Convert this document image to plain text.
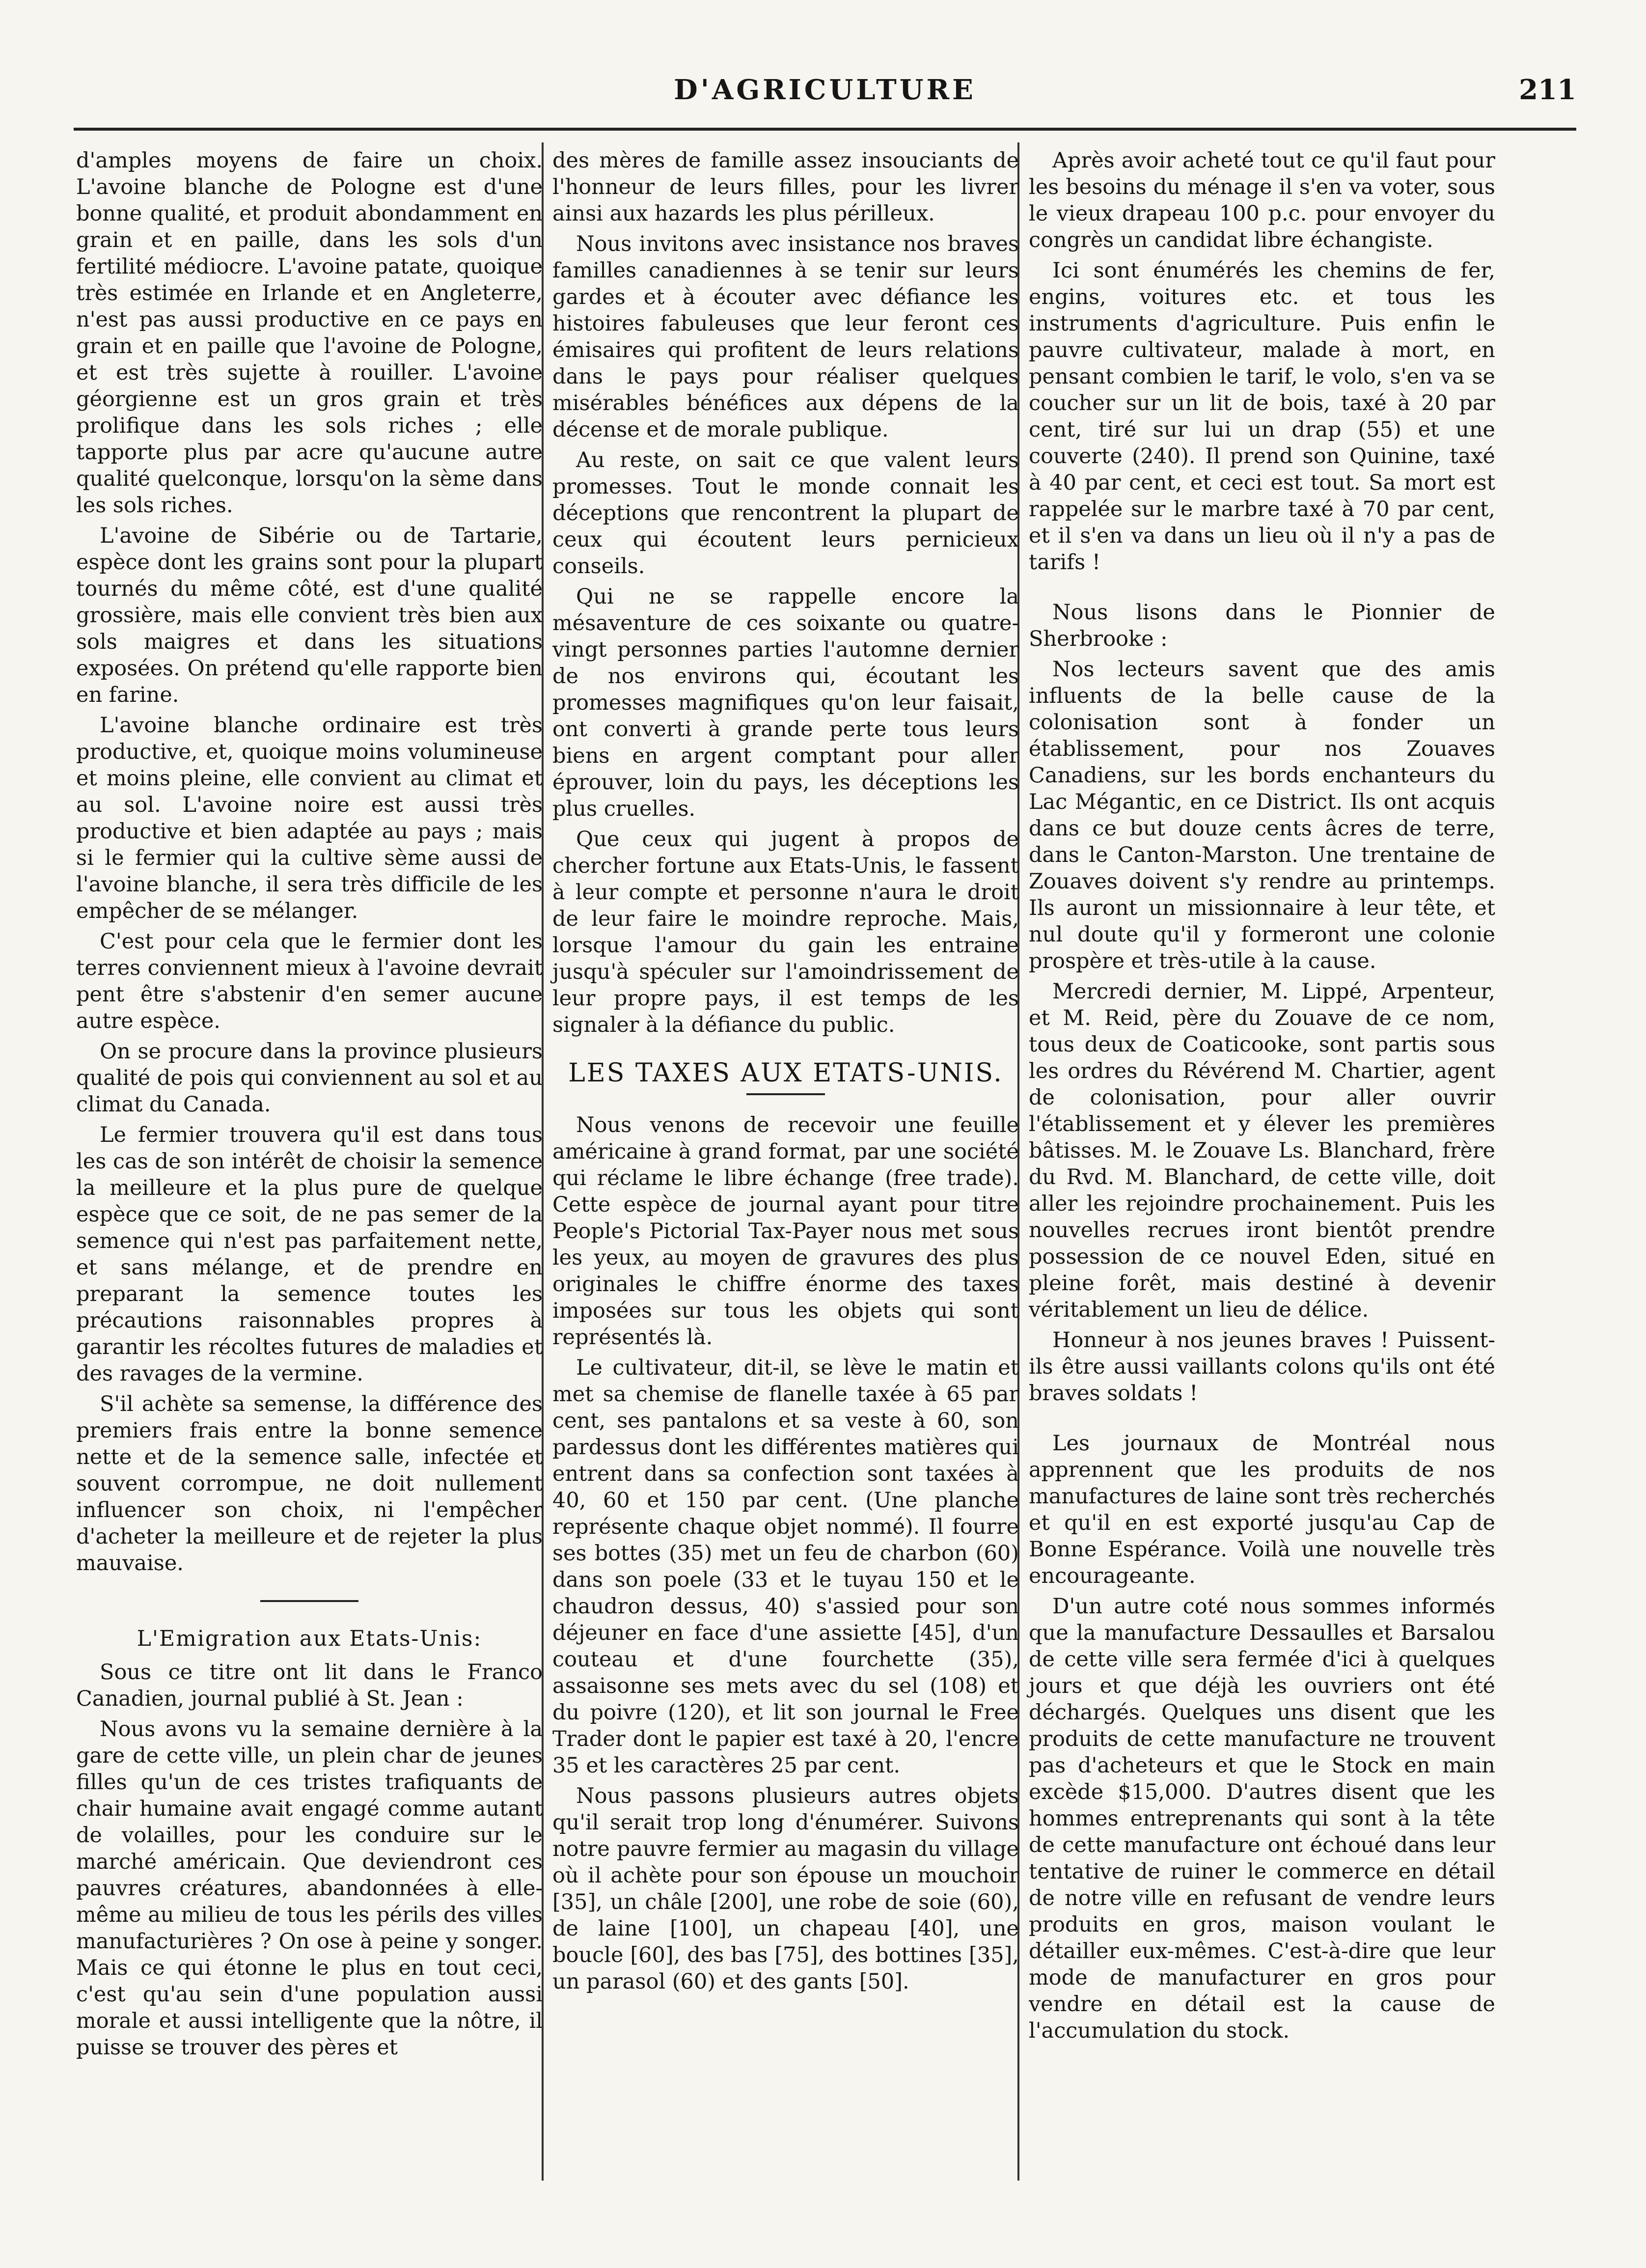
D'AGRICULTURE	211

d'amples moyens de faire un choix. L'avoine blanche de Pologne est d'une bonne qualité, et produit abondamment en grain et en paille, dans les sols d'un fertilité médiocre. L'avoine patate, quoique très estimée en Irlande et en Angleterre, n'est pas aussi productive en ce pays en grain et en paille que l'avoine de Pologne, et est très sujette à rouiller. L'avoine géorgienne est un gros grain et très prolifique dans les sols riches ; elle tapporte plus par acre qu'aucune autre qualité quelconque, lorsqu'on la sème dans les sols riches.

L'avoine de Sibérie ou de Tartarie, espèce dont les grains sont pour la plupart tournés du même côté, est d'une qualité grossière, mais elle convient très bien aux sols maigres et dans les situations exposées. On prétend qu'elle rapporte bien en farine.

L'avoine blanche ordinaire est très productive, et, quoique moins volumineuse et moins pleine, elle convient au climat et au sol. L'avoine noire est aussi très productive et bien adaptée au pays ; mais si le fermier qui la cultive sème aussi de l'avoine blanche, il sera très difficile de les empêcher de se mélanger.

C'est pour cela que le fermier dont les terres conviennent mieux à l'avoine devrait pent être s'abstenir d'en semer aucune autre espèce.

On se procure dans la province plusieurs qualité de pois qui conviennent au sol et au climat du Canada.

Le fermier trouvera qu'il est dans tous les cas de son intérêt de choisir la semence la meilleure et la plus pure de quelque espèce que ce soit, de ne pas semer de la semence qui n'est pas parfaitement nette, et sans mélange, et de prendre en preparant la semence toutes les précautions raisonnables propres à garantir les récoltes futures de maladies et des ravages de la vermine.

S'il achète sa semense, la différence des premiers frais entre la bonne semence nette et de la semence salle, infectée et souvent corrompue, ne doit nullement influencer son choix, ni l'empêcher d'acheter la meilleure et de rejeter la plus mauvaise.

L'Emigration aux Etats-Unis:

Sous ce titre ont lit dans le Franco Canadien, journal publié à St. Jean :

Nous avons vu la semaine dernière à la gare de cette ville, un plein char de jeunes filles qu'un de ces tristes trafiquants de chair humaine avait engagé comme autant de volailles, pour les conduire sur le marché américain. Que deviendront ces pauvres créatures, abandonnées à elle-même au milieu de tous les périls des villes manufacturières ? On ose à peine y songer. Mais ce qui étonne le plus en tout ceci, c'est qu'au sein d'une population aussi morale et aussi intelligente que la nôtre, il puisse se trouver des pères et

des mères de famille assez insouciants de l'honneur de leurs filles, pour les livrer ainsi aux hazards les plus périlleux.

Nous invitons avec insistance nos braves familles canadiennes à se tenir sur leurs gardes et à écouter avec défiance les histoires fabuleuses que leur feront ces émisaires qui profitent de leurs relations dans le pays pour réaliser quelques misérables bénéfices aux dépens de la décense et de morale publique.

Au reste, on sait ce que valent leurs promesses. Tout le monde connait les déceptions que rencontrent la plupart de ceux qui écoutent leurs pernicieux conseils.

Qui ne se rappelle encore la mésaventure de ces soixante ou quatre-vingt personnes parties l'automne dernier de nos environs qui, écoutant les promesses magnifiques qu'on leur faisait, ont converti à grande perte tous leurs biens en argent comptant pour aller éprouver, loin du pays, les déceptions les plus cruelles.

Que ceux qui jugent à propos de chercher fortune aux Etats-Unis, le fassent à leur compte et personne n'aura le droit de leur faire le moindre reproche. Mais, lorsque l'amour du gain les entraine jusqu'à spéculer sur l'amoindrissement de leur propre pays, il est temps de les signaler à la défiance du public.

LES TAXES AUX ETATS-UNIS.

Nous venons de recevoir une feuille américaine à grand format, par une société qui réclame le libre échange (free trade). Cette espèce de journal ayant pour titre People's Pictorial Tax-Payer nous met sous les yeux, au moyen de gravures des plus originales le chiffre énorme des taxes imposées sur tous les objets qui sont représentés là.

Le cultivateur, dit-il, se lève le matin et met sa chemise de flanelle taxée à 65 par cent, ses pantalons et sa veste à 60, son pardessus dont les différentes matières qui entrent dans sa confection sont taxées à 40, 60 et 150 par cent. (Une planche représente chaque objet nommé). Il fourre ses bottes (35) met un feu de charbon (60) dans son poele (33 et le tuyau 150 et le chaudron dessus, 40) s'assied pour son déjeuner en face d'une assiette [45], d'un couteau et d'une fourchette (35), assaisonne ses mets avec du sel (108) et du poivre (120), et lit son journal le Free Trader dont le papier est taxé à 20, l'encre 35 et les caractères 25 par cent.

Nous passons plusieurs autres objets qu'il serait trop long d'énumérer. Suivons notre pauvre fermier au magasin du village où il achète pour son épouse un mouchoir [35], un châle [200], une robe de soie (60), de laine [100], un chapeau [40], une boucle [60], des bas [75], des bottines [35], un parasol (60) et des gants [50].

Après avoir acheté tout ce qu'il faut pour les besoins du ménage il s'en va voter, sous le vieux drapeau 100 p.c. pour envoyer du congrès un candidat libre échangiste.

Ici sont énumérés les chemins de fer, engins, voitures etc. et tous les instruments d'agriculture. Puis enfin le pauvre cultivateur, malade à mort, en pensant combien le tarif, le volo, s'en va se coucher sur un lit de bois, taxé à 20 par cent, tiré sur lui un drap (55) et une couverte (240). Il prend son Quinine, taxé à 40 par cent, et ceci est tout. Sa mort est rappelée sur le marbre taxé à 70 par cent, et il s'en va dans un lieu où il n'y a pas de tarifs !

Nous lisons dans le Pionnier de Sherbrooke :

Nos lecteurs savent que des amis influents de la belle cause de la colonisation sont à fonder un établissement, pour nos Zouaves Canadiens, sur les bords enchanteurs du Lac Mégantic, en ce District. Ils ont acquis dans ce but douze cents âcres de terre, dans le Canton-Marston. Une trentaine de Zouaves doivent s'y rendre au printemps. Ils auront un missionnaire à leur tête, et nul doute qu'il y formeront une colonie prospère et très-utile à la cause.

Mercredi dernier, M. Lippé, Arpenteur, et M. Reid, père du Zouave de ce nom, tous deux de Coaticooke, sont partis sous les ordres du Révérend M. Chartier, agent de colonisation, pour aller ouvrir l'établissement et y élever les premières bâtisses. M. le Zouave Ls. Blanchard, frère du Rvd. M. Blanchard, de cette ville, doit aller les rejoindre prochainement. Puis les nouvelles recrues iront bientôt prendre possession de ce nouvel Eden, situé en pleine forêt, mais destiné à devenir véritablement un lieu de délice.

Honneur à nos jeunes braves ! Puissent-ils être aussi vaillants colons qu'ils ont été braves soldats !

Les journaux de Montréal nous apprennent que les produits de nos manufactures de laine sont très recherchés et qu'il en est exporté jusqu'au Cap de Bonne Espérance. Voilà une nouvelle très encourageante.

D'un autre coté nous sommes informés que la manufacture Dessaulles et Barsalou de cette ville sera fermée d'ici à quelques jours et que déjà les ouvriers ont été déchargés. Quelques uns disent que les produits de cette manufacture ne trouvent pas d'acheteurs et que le Stock en main excède $15,000. D'autres disent que les hommes entreprenants qui sont à la tête de cette manufacture ont échoué dans leur tentative de ruiner le commerce en détail de notre ville en refusant de vendre leurs produits en gros, maison voulant le détailler eux-mêmes. C'est-à-dire que leur mode de manufacturer en gros pour vendre en détail est la cause de l'accumulation du stock.
